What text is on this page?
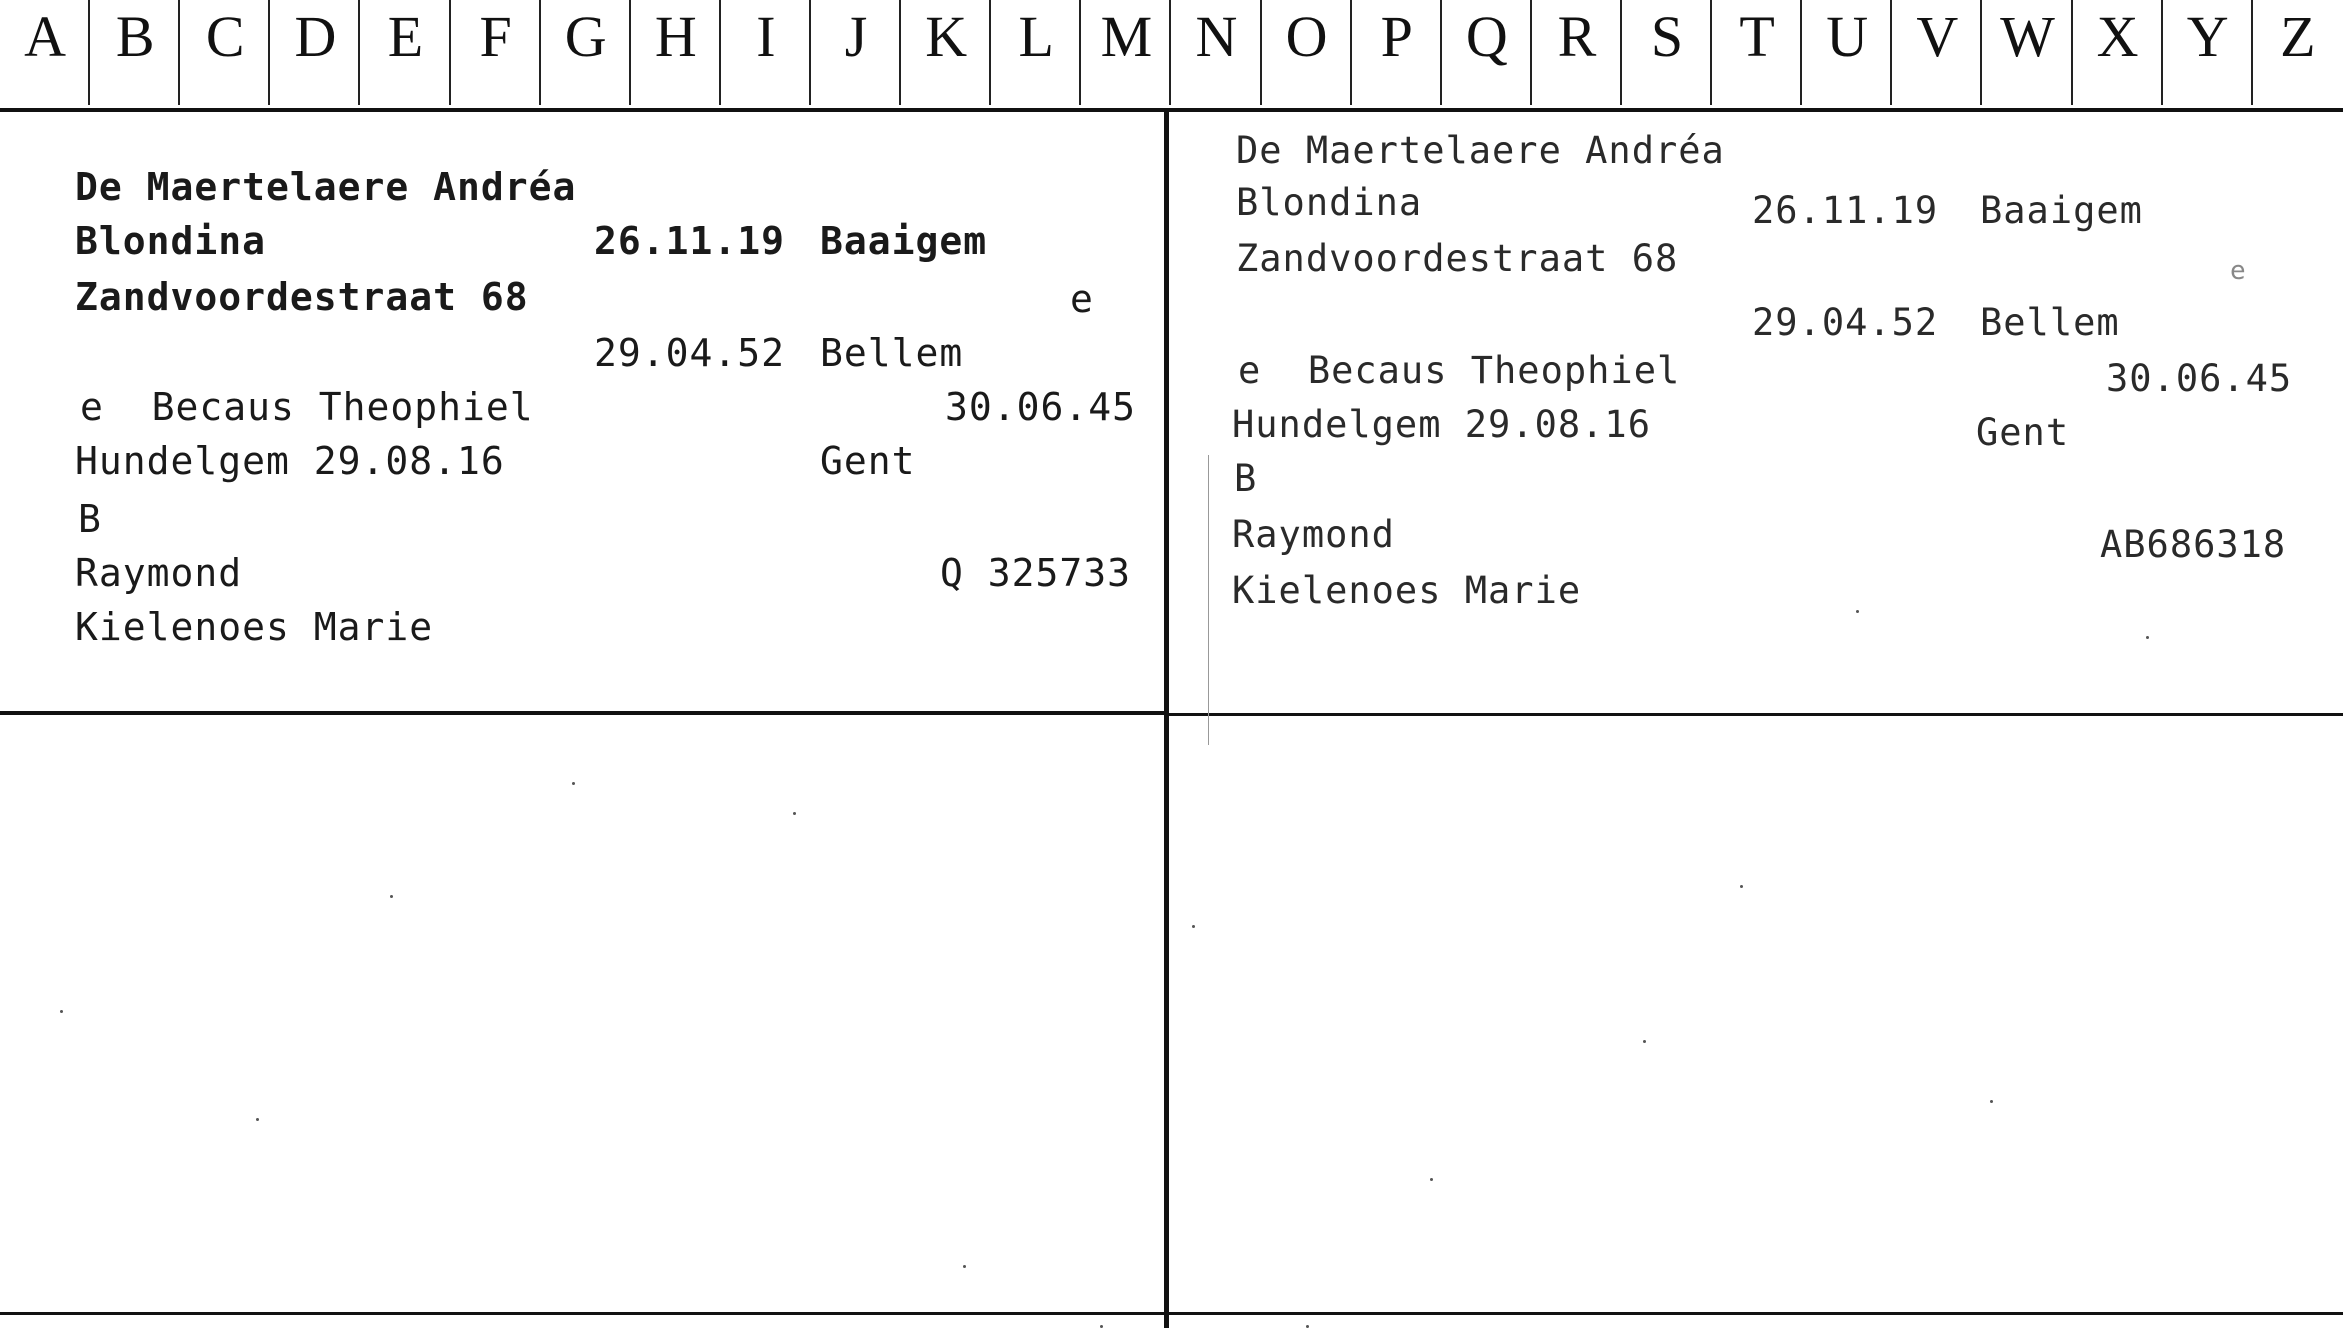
A B C D E F G H	I	J K L M N O P Q R S T U V W X Y Z
De Maertelaere Andréa
Blondina	26.11.19 Baaigem
Zandvoordestraat 68	e
29.04.52 Bellem
e  Becaus Theophiel	30.06.45
Hundelgem 29.08.16	Gent
B
Raymond	Q 325733
Kielenoes Marie
De Maertelaere Andréa
Blondina	26.11.19 Baaigem
Zandvoordestraat 68	e
29.04.52 Bellem
e  Becaus Theophiel	30.06.45
Hundelgem 29.08.16	Gent
B
Raymond	AB686318
Kielenoes Marie
